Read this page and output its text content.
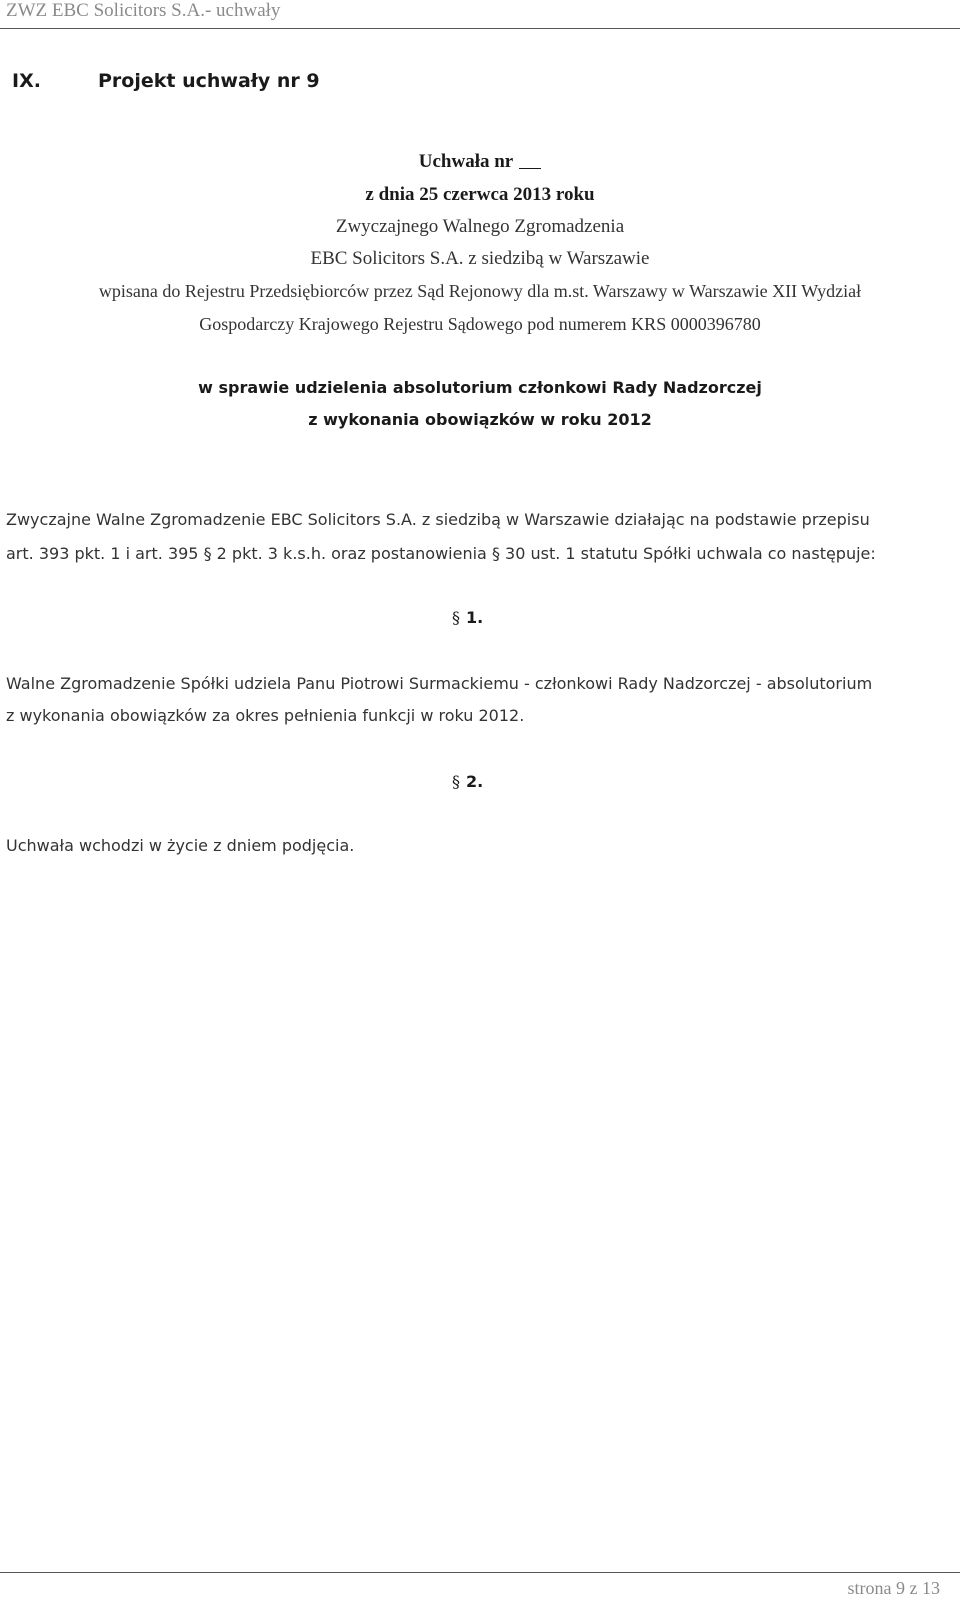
ZWZ EBC Solicitors S.A.- uchwały
IX.	Projekt uchwały nr 9
Uchwała nr
z dnia 25 czerwca 2013 roku
Zwyczajnego Walnego Zgromadzenia
EBC Solicitors S.A. z siedzibą w Warszawie
wpisana do Rejestru Przedsiębiorców przez Sąd Rejonowy dla m.st. Warszawy w Warszawie XII Wydział
Gospodarczy Krajowego Rejestru Sądowego pod numerem KRS 0000396780
w sprawie udzielenia absolutorium członkowi Rady Nadzorczej
z wykonania obowiązków w roku 2012
Zwyczajne Walne Zgromadzenie EBC Solicitors S.A. z siedzibą w Warszawie działając na podstawie przepisu
art. 393 pkt. 1 i art. 395 § 2 pkt. 3 k.s.h. oraz postanowienia § 30 ust. 1 statutu Spółki uchwala co następuje:
§ 1.
Walne Zgromadzenie Spółki udziela Panu Piotrowi Surmackiemu - członkowi Rady Nadzorczej - absolutorium
z wykonania obowiązków za okres pełnienia funkcji w roku 2012.
§ 2.
Uchwała wchodzi w życie z dniem podjęcia.
strona 9 z 13
